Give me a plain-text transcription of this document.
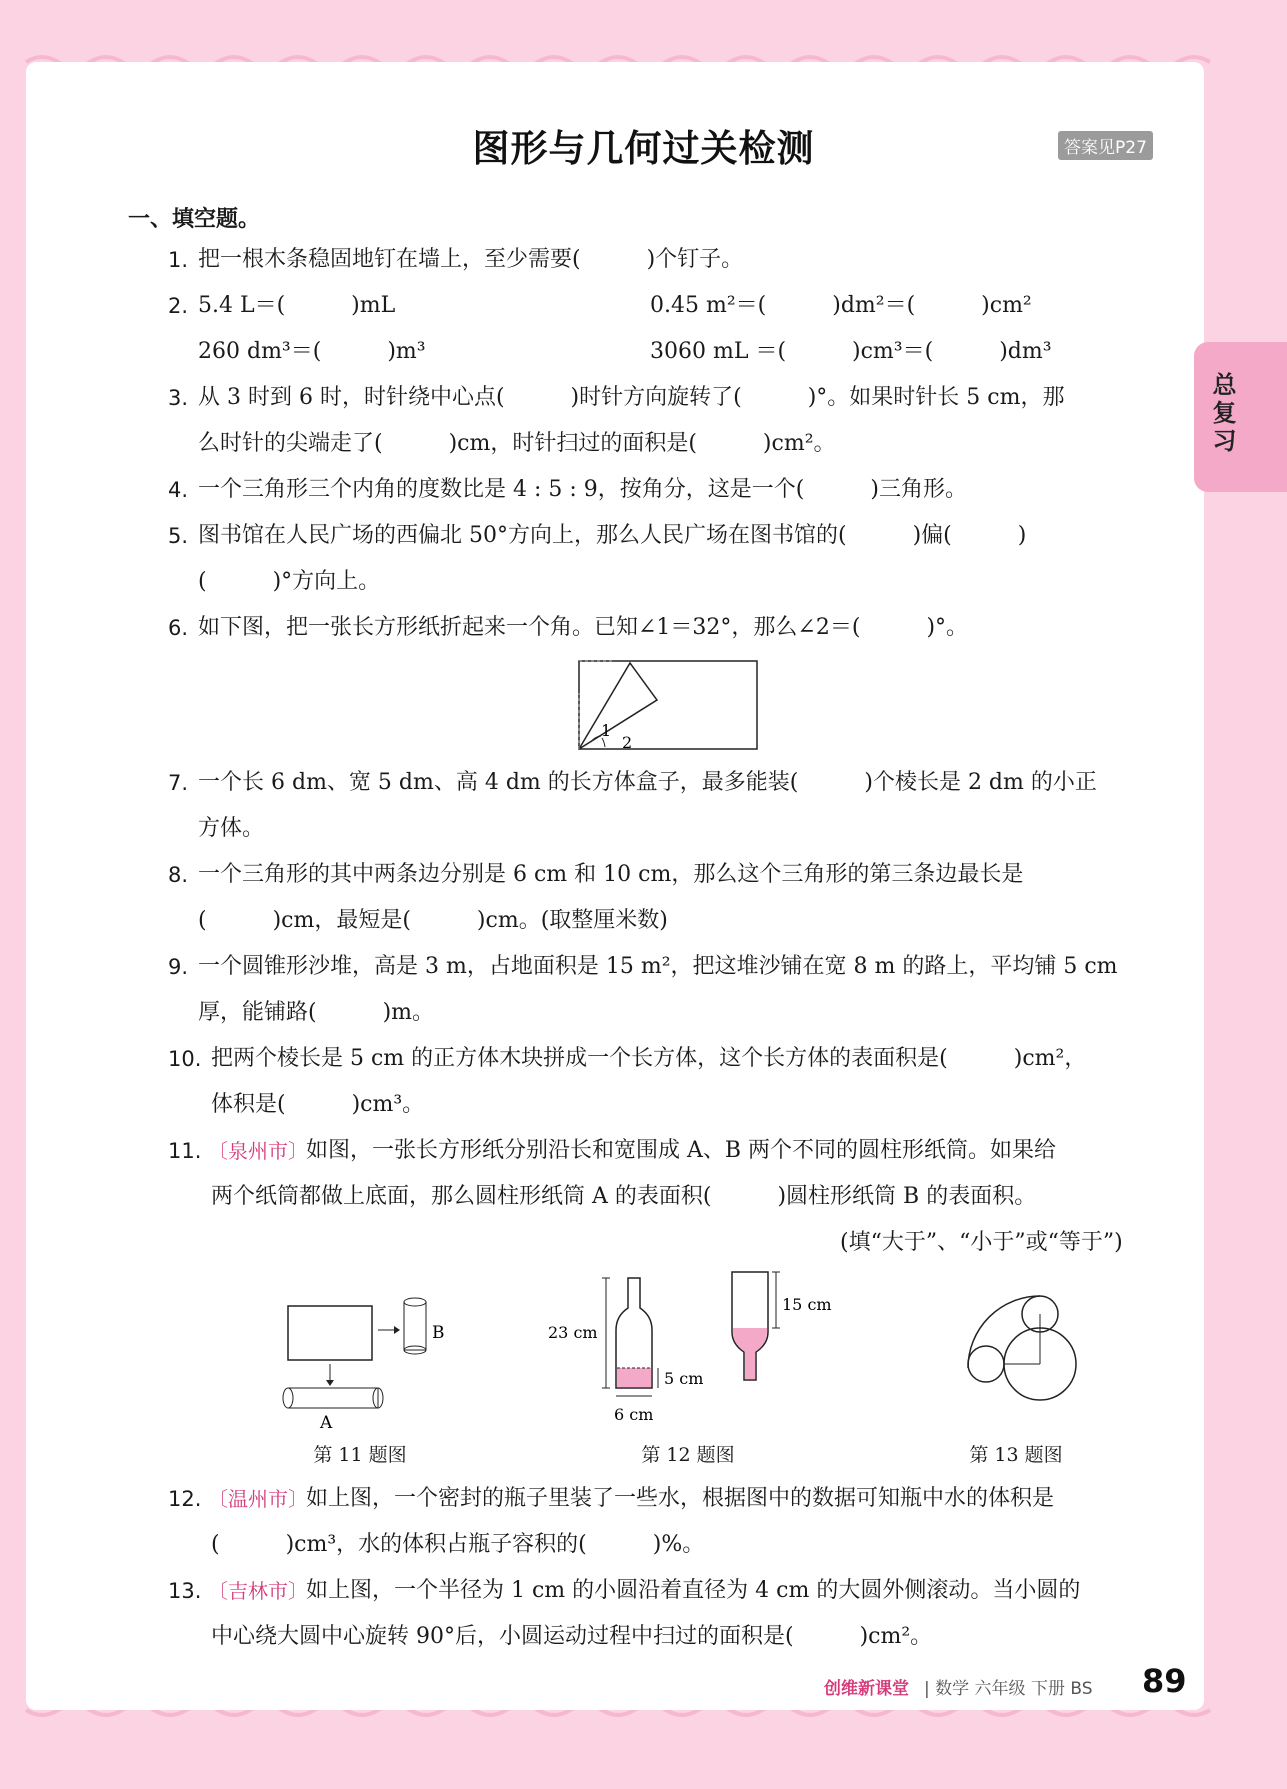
图形与几何过关检测	答案见P27
总复习
一、填空题。
1. 把一根木条稳固地钉在墙上，至少需要(　　　)个钉子。
2. 5.4 L＝(　　　)mL	0.45 m²＝(　　　)dm²＝(　　　)cm²
260 dm³＝(　　　)m³	3060 mL ＝(　　　)cm³＝(　　　)dm³
3. 从 3 时到 6 时，时针绕中心点(　　　)时针方向旋转了(　　　)°。如果时针长 5 cm，那
么时针的尖端走了(　　　)cm，时针扫过的面积是(　　　)cm²。
4. 一个三角形三个内角的度数比是 4 : 5 : 9，按角分，这是一个(　　　)三角形。
5. 图书馆在人民广场的西偏北 50°方向上，那么人民广场在图书馆的(　　　)偏(　　　)
(　　　)°方向上。
6. 如下图，把一张长方形纸折起来一个角。已知∠1＝32°，那么∠2＝(　　　)°。
1
2
7. 一个长 6 dm、宽 5 dm、高 4 dm 的长方体盒子，最多能装(　　　)个棱长是 2 dm 的小正
方体。
8. 一个三角形的其中两条边分别是 6 cm 和 10 cm，那么这个三角形的第三条边最长是
(　　　)cm，最短是(　　　)cm。(取整厘米数)
9. 一个圆锥形沙堆，高是 3 m，占地面积是 15 m²，把这堆沙铺在宽 8 m 的路上，平均铺 5 cm
厚，能铺路(　　　)m。
10. 把两个棱长是 5 cm 的正方体木块拼成一个长方体，这个长方体的表面积是(　　　)cm²，
体积是(　　　)cm³。
11. 〔泉州市〕
如图，一张长方形纸分别沿长和宽围成 A、B 两个不同的圆柱形纸筒。如果给
两个纸筒都做上底面，那么圆柱形纸筒 A 的表面积(　　　)圆柱形纸筒 B 的表面积。
(填“大于”、“小于”或“等于”)
B
A
第 11 题图
23 cm
5 cm
6 cm
15 cm
第 12 题图	第 13 题图
12. 〔温州市〕
如上图，一个密封的瓶子里装了一些水，根据图中的数据可知瓶中水的体积是
(　　　)cm³，水的体积占瓶子容积的(　　　)%。
13. 〔吉林市〕
如上图，一个半径为 1 cm 的小圆沿着直径为 4 cm 的大圆外侧滚动。当小圆的
中心绕大圆中心旋转 90°后，小圆运动过程中扫过的面积是(　　　)cm²。
创维新课堂 | 数学 六年级 下册 BS 89
